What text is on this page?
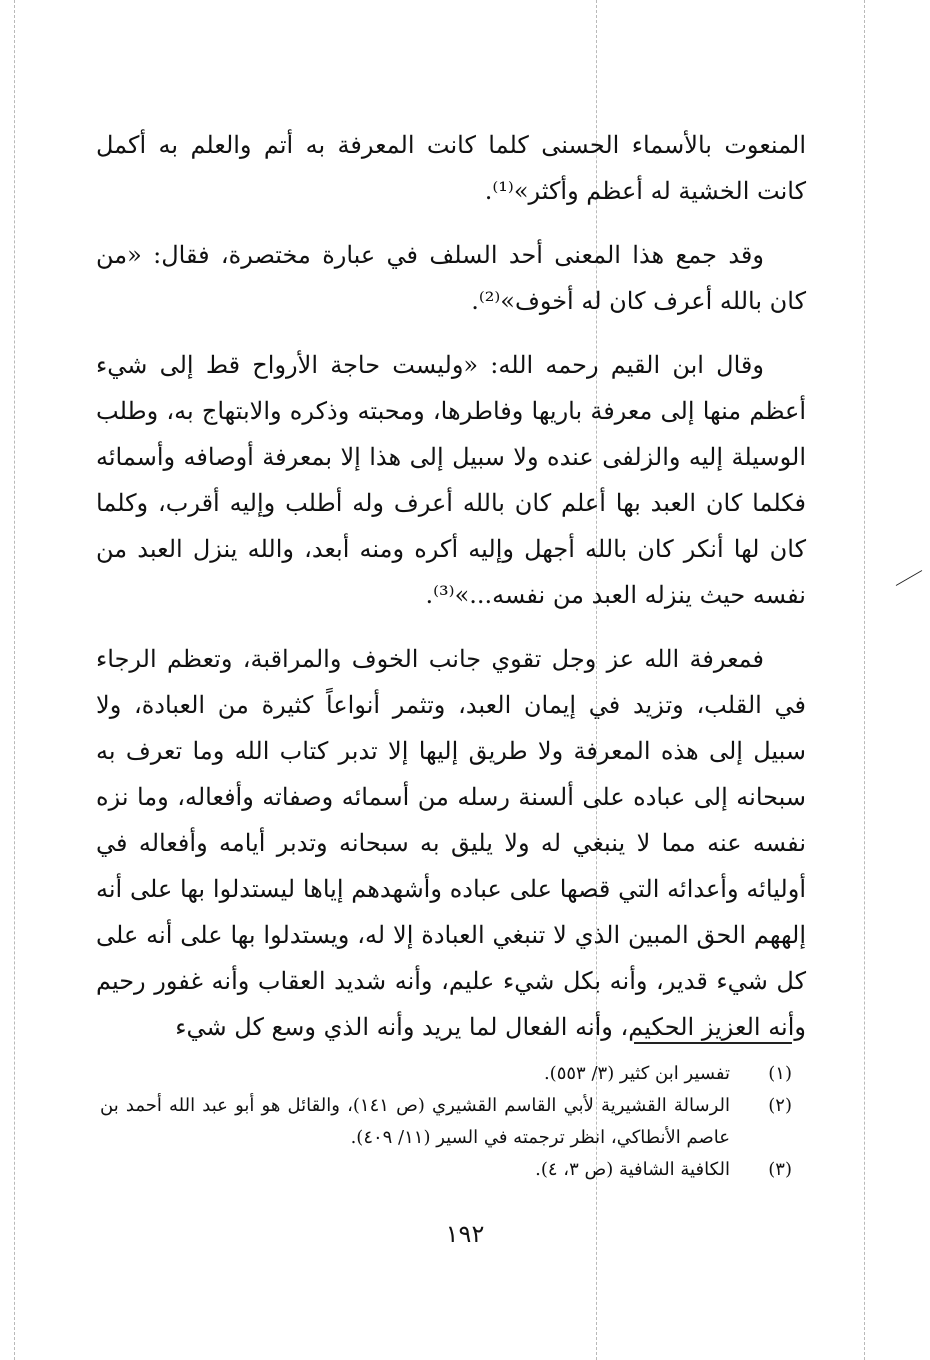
المنعوت بالأسماء الحسنى كلما كانت المعرفة به أتم والعلم به أكمل كانت الخشية له أعظم وأكثر»⁽¹⁾.

وقد جمع هذا المعنى أحد السلف في عبارة مختصرة، فقال: «من كان بالله أعرف كان له أخوف»⁽²⁾.

وقال ابن القيم رحمه الله: «وليست حاجة الأرواح قط إلى شيء أعظم منها إلى معرفة باريها وفاطرها، ومحبته وذكره والابتهاج به، وطلب الوسيلة إليه والزلفى عنده ولا سبيل إلى هذا إلا بمعرفة أوصافه وأسمائه فكلما كان العبد بها أعلم كان بالله أعرف وله أطلب وإليه أقرب، وكلما كان لها أنكر كان بالله أجهل وإليه أكره ومنه أبعد، والله ينزل العبد من نفسه حيث ينزله العبد من نفسه...»⁽³⁾.

فمعرفة الله عز وجل تقوي جانب الخوف والمراقبة، وتعظم الرجاء في القلب، وتزيد في إيمان العبد، وتثمر أنواعاً كثيرة من العبادة، ولا سبيل إلى هذه المعرفة ولا طريق إليها إلا تدبر كتاب الله وما تعرف به سبحانه إلى عباده على ألسنة رسله من أسمائه وصفاته وأفعاله، وما نزه نفسه عنه مما لا ينبغي له ولا يليق به سبحانه وتدبر أيامه وأفعاله في أوليائه وأعدائه التي قصها على عباده وأشهدهم إياها ليستدلوا بها على أنه إلههم الحق المبين الذي لا تنبغي العبادة إلا له، ويستدلوا بها على أنه على كل شيء قدير، وأنه بكل شيء عليم، وأنه شديد العقاب وأنه غفور رحيم وأنه العزيز الحكيم، وأنه الفعال لما يريد وأنه الذي وسع كل شيء

(١)
تفسير ابن كثير (٣/ ٥٥٣).
(٢)
الرسالة القشيرية لأبي القاسم القشيري (ص ١٤١)، والقائل هو أبو عبد الله أحمد بن عاصم الأنطاكي، انظر ترجمته في السير (١١/ ٤٠٩).
(٣)
الكافية الشافية (ص ٣، ٤).
١٩٢
